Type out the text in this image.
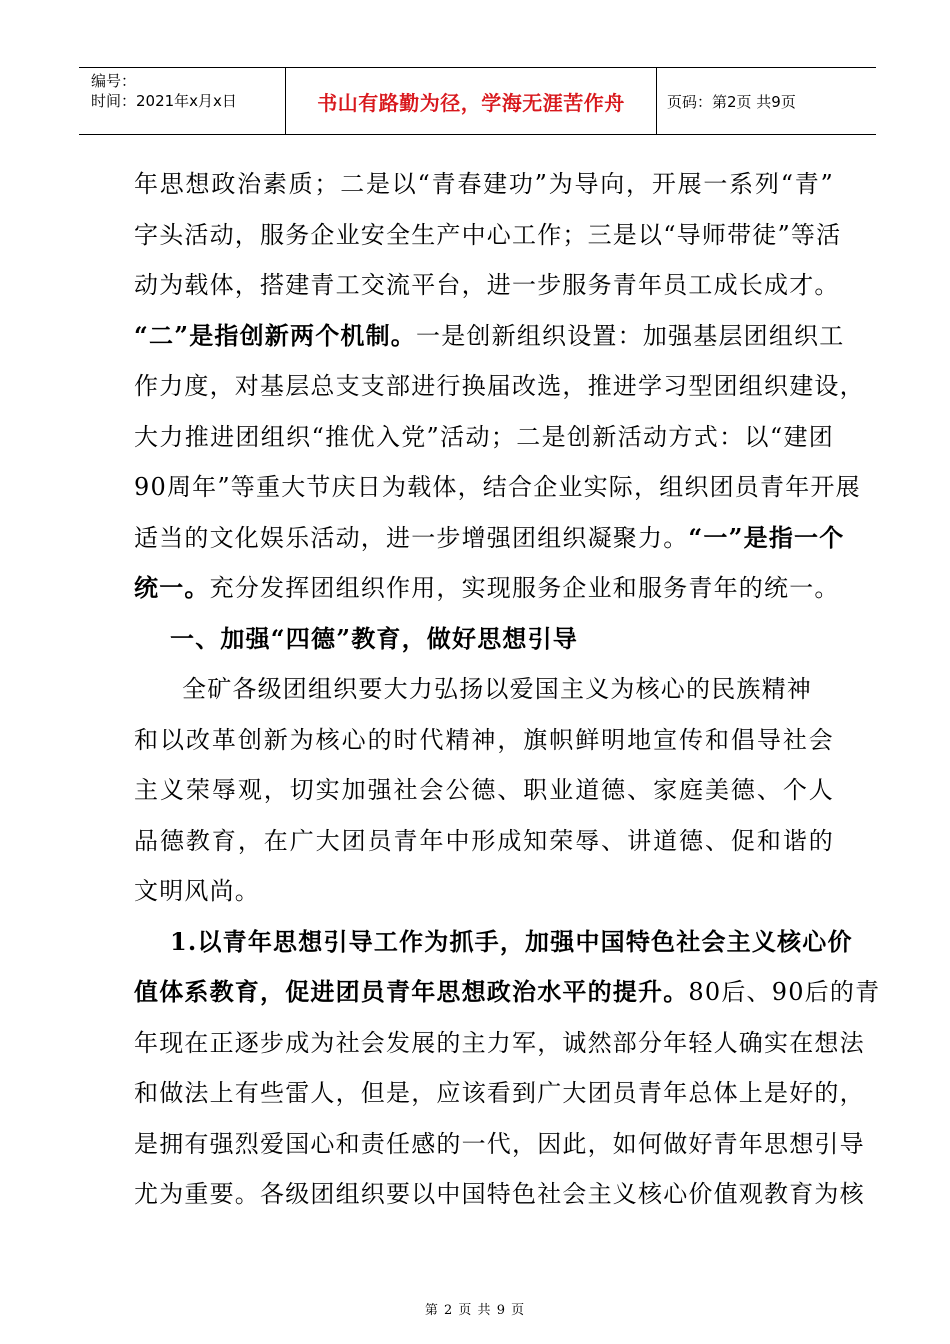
编号：
时间：2021年x月x日	书山有路勤为径，学海无涯苦作舟	页码：第2页 共9页
年思想政治素质；二是以“青春建功”为导向，开展一系列“青”
字头活动，服务企业安全生产中心工作；三是以“导师带徒”等活
动为载体，搭建青工交流平台，进一步服务青年员工成长成才。
“二”是指创新两个机制。一是创新组织设置：加强基层团组织工
作力度，对基层总支支部进行换届改选，推进学习型团组织建设，
大力推进团组织“推优入党”活动；二是创新活动方式：以“建团
90周年”等重大节庆日为载体，结合企业实际，组织团员青年开展
适当的文化娱乐活动，进一步增强团组织凝聚力。“一”是指一个
统一。充分发挥团组织作用，实现服务企业和服务青年的统一。
一、加强“四德”教育，做好思想引导
全矿各级团组织要大力弘扬以爱国主义为核心的民族精神
和以改革创新为核心的时代精神，旗帜鲜明地宣传和倡导社会
主义荣辱观，切实加强社会公德、职业道德、家庭美德、个人
品德教育，在广大团员青年中形成知荣辱、讲道德、促和谐的
文明风尚。
1.以青年思想引导工作为抓手，加强中国特色社会主义核心价
值体系教育，促进团员青年思想政治水平的提升。80后、90后的青
年现在正逐步成为社会发展的主力军，诚然部分年轻人确实在想法
和做法上有些雷人，但是，应该看到广大团员青年总体上是好的，
是拥有强烈爱国心和责任感的一代，因此，如何做好青年思想引导
尤为重要。各级团组织要以中国特色社会主义核心价值观教育为核
第 2 页 共 9 页
